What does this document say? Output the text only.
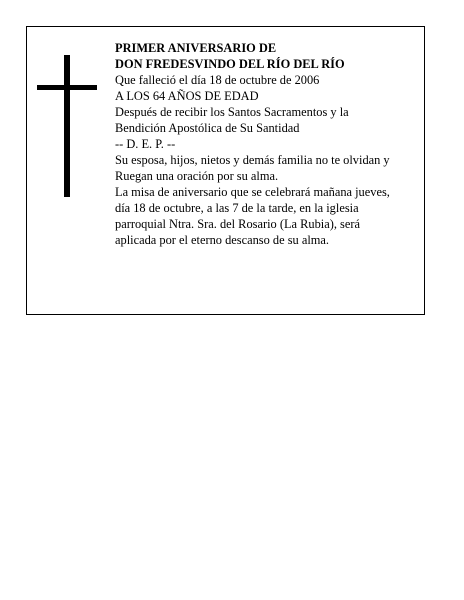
PRIMER ANIVERSARIO DE
DON FREDESVINDO DEL RÍO DEL RÍO
Que falleció el día 18 de octubre de 2006
A LOS 64 AÑOS DE EDAD
Después de recibir los Santos Sacramentos y la
Bendición Apostólica de Su Santidad
-- D. E. P. --
Su esposa, hijos, nietos y demás familia no te olvidan y
Ruegan una oración por su alma.
La misa de aniversario que se celebrará mañana jueves,
día 18 de octubre, a las 7 de la tarde, en la iglesia
parroquial Ntra. Sra. del Rosario (La Rubia), será
aplicada por el eterno descanso de su alma.
